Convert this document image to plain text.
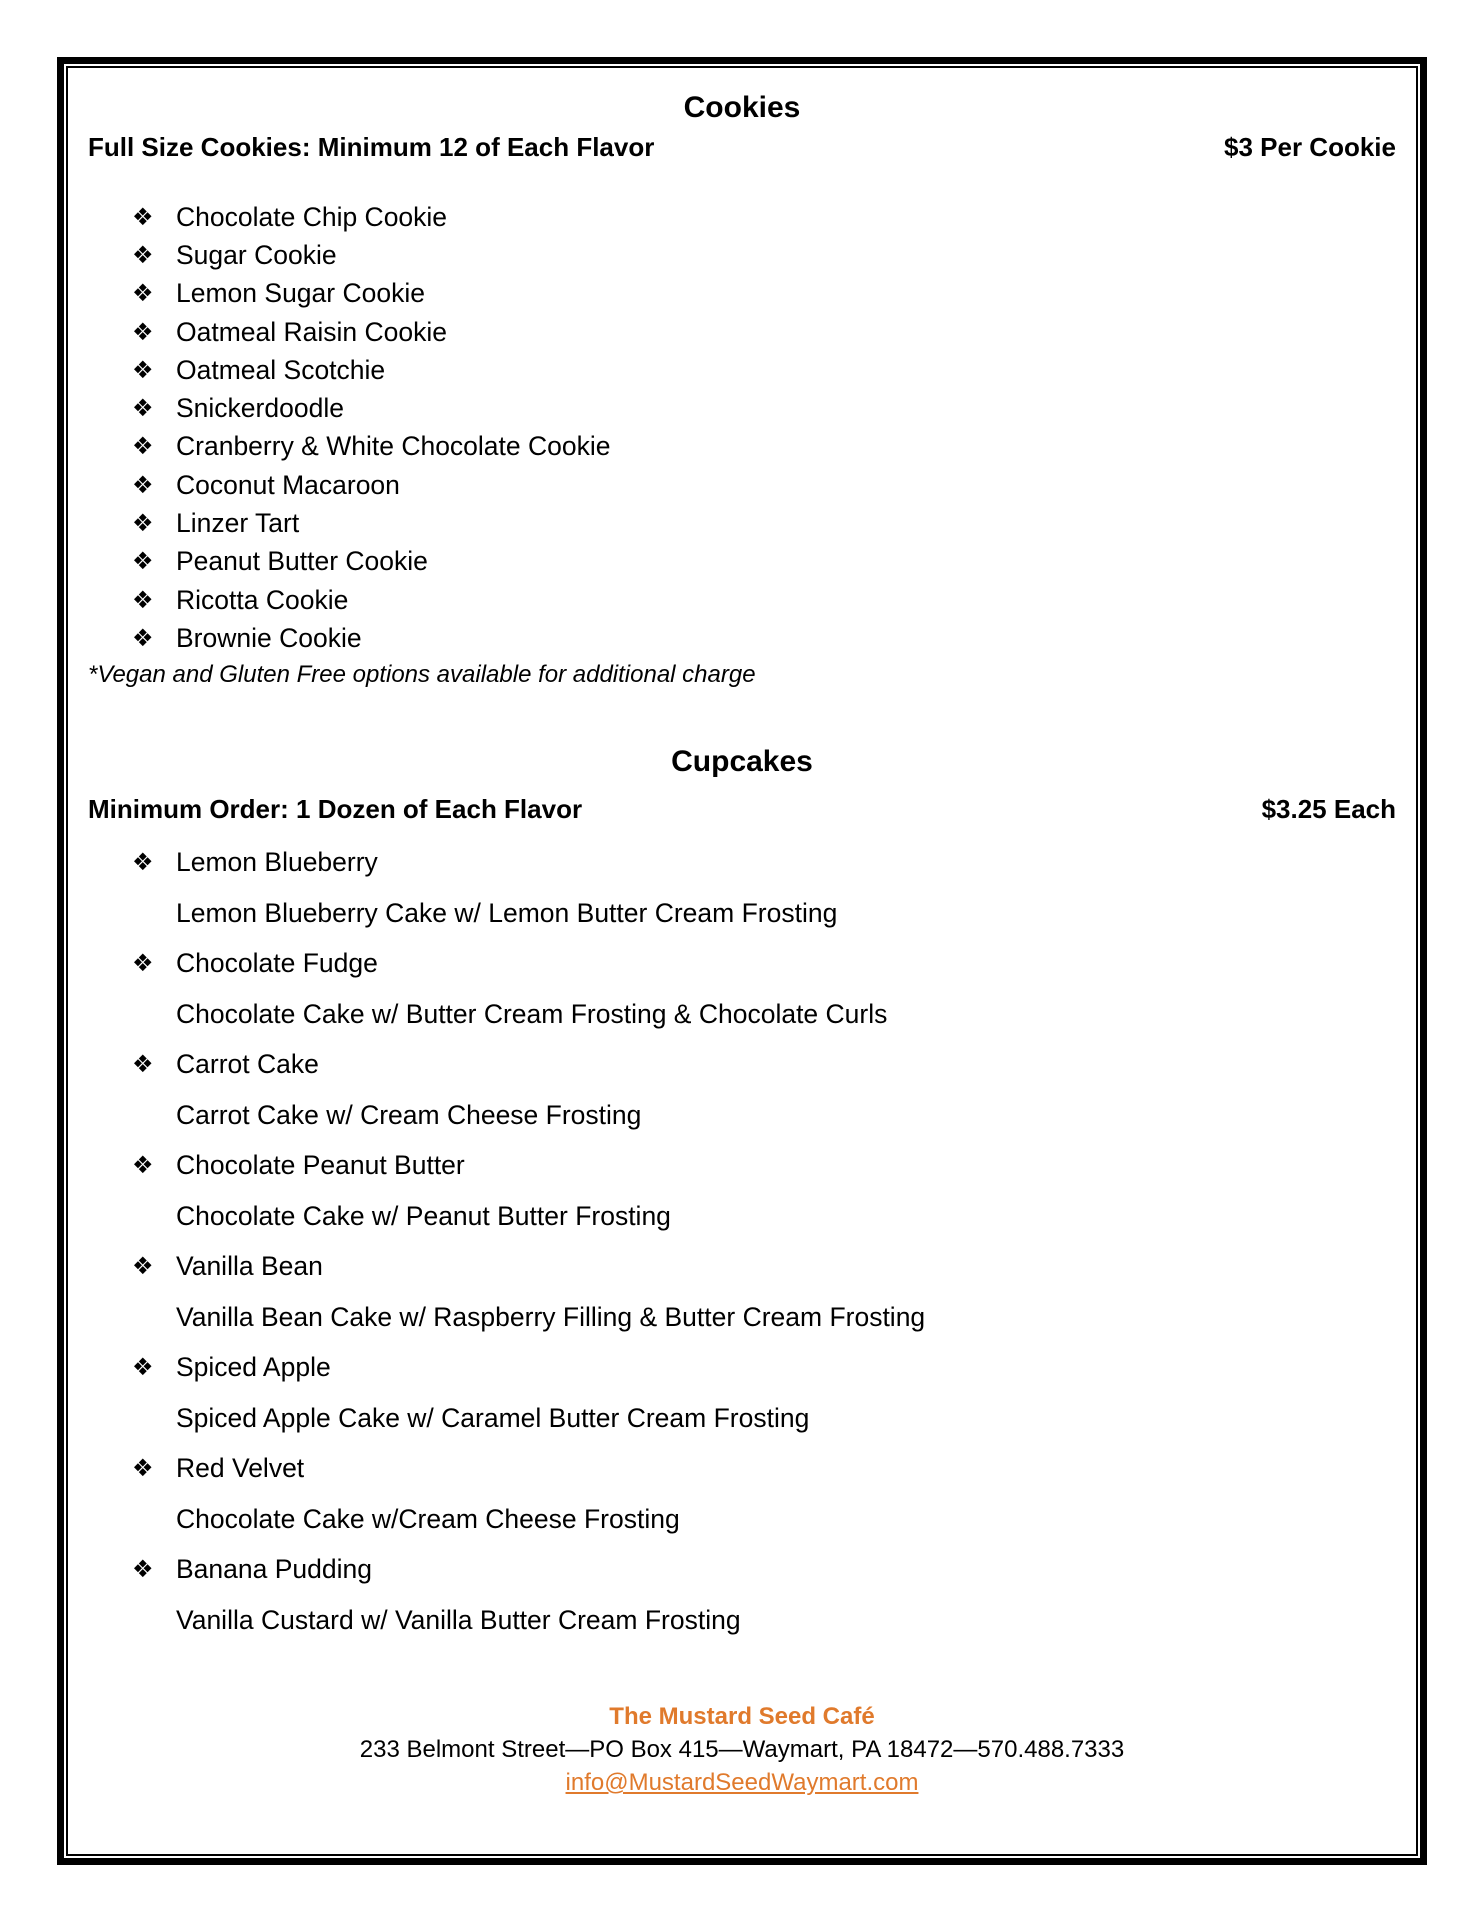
Cookies
Full Size Cookies: Minimum 12 of Each Flavor	$3 Per Cookie
❖ Chocolate Chip Cookie
❖ Sugar Cookie
❖ Lemon Sugar Cookie
❖ Oatmeal Raisin Cookie
❖ Oatmeal Scotchie
❖ Snickerdoodle
❖ Cranberry & White Chocolate Cookie
❖ Coconut Macaroon
❖ Linzer Tart
❖ Peanut Butter Cookie
❖ Ricotta Cookie
❖ Brownie Cookie

*Vegan and Gluten Free options available for additional charge

Cupcakes
Minimum Order: 1 Dozen of Each Flavor	$3.25 Each
❖ Lemon Blueberry
Lemon Blueberry Cake w/ Lemon Butter Cream Frosting
❖ Chocolate Fudge
Chocolate Cake w/ Butter Cream Frosting & Chocolate Curls
❖ Carrot Cake
Carrot Cake w/ Cream Cheese Frosting
❖ Chocolate Peanut Butter
Chocolate Cake w/ Peanut Butter Frosting
❖ Vanilla Bean
Vanilla Bean Cake w/ Raspberry Filling & Butter Cream Frosting
❖ Spiced Apple
Spiced Apple Cake w/ Caramel Butter Cream Frosting
❖ Red Velvet
Chocolate Cake w/Cream Cheese Frosting
❖ Banana Pudding
Vanilla Custard w/ Vanilla Butter Cream Frosting
The Mustard Seed Café
233 Belmont Street—PO Box 415—Waymart, PA 18472—570.488.7333
info@MustardSeedWaymart.com
